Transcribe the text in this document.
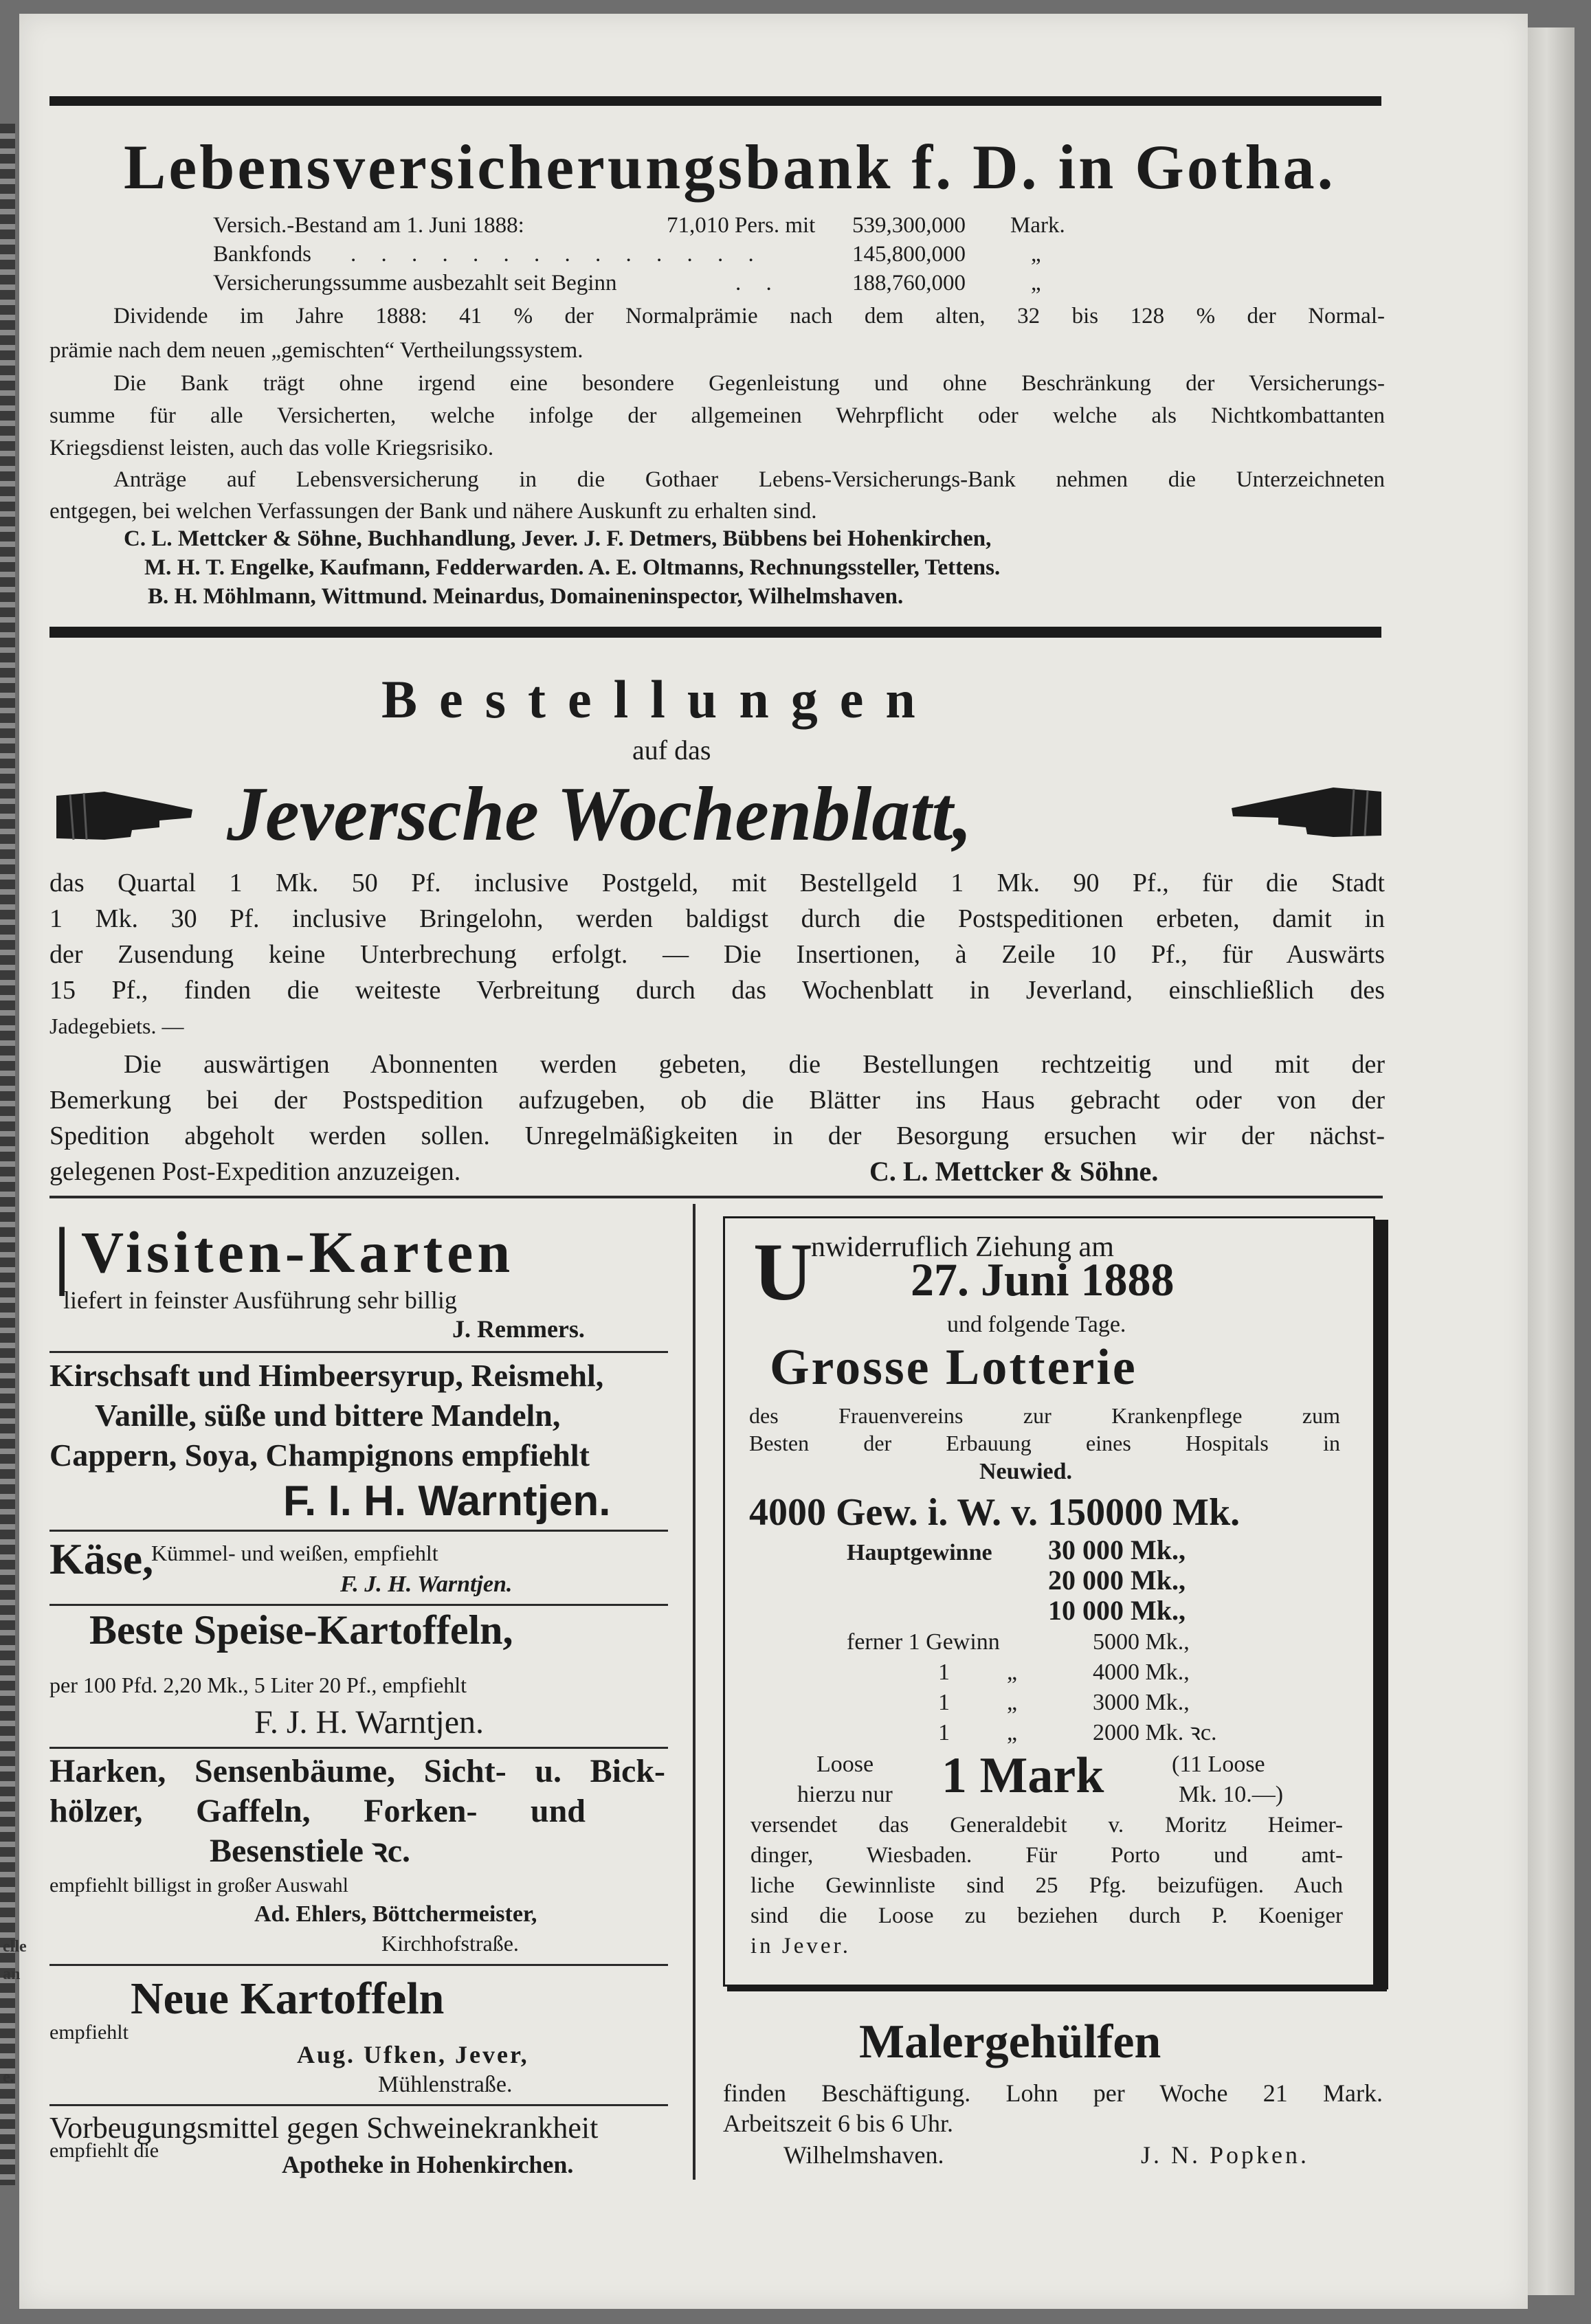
elle
an
e.
Lebensversicherungsbank f. D. in Gotha.
Versich.-Bestand am 1. Juni 1888:	71,010 Pers. mit 539,300,000 Mark.
Bankfonds . . . . . . . . . . . . . .	145,800,000	„
Versicherungssumme ausbezahlt seit Beginn	. .	188,760,000	„
Dividende im Jahre 1888: 41 % der Normalprämie nach dem alten, 32 bis 128 % der Normal-
prämie nach dem neuen „gemischten“ Vertheilungssystem.
Die Bank trägt ohne irgend eine besondere Gegenleistung und ohne Beschränkung der Versicherungs-
summe für alle Versicherten, welche infolge der allgemeinen Wehrpflicht oder welche als Nichtkombattanten
Kriegsdienst leisten, auch das volle Kriegsrisiko.
Anträge auf Lebensversicherung in die Gothaer Lebens-Versicherungs-Bank nehmen die Unterzeichneten
entgegen, bei welchen Verfassungen der Bank und nähere Auskunft zu erhalten sind.
C. L. Mettcker & Söhne, Buchhandlung, Jever. J. F. Detmers, Bübbens bei Hohenkirchen,
M. H. T. Engelke, Kaufmann, Fedderwarden. A. E. Oltmanns, Rechnungssteller, Tettens.
B. H. Möhlmann, Wittmund. Meinardus, Domaineninspector, Wilhelmshaven.
Bestellungen
auf das
Jeversche Wochenblatt,
das Quartal 1 Mk. 50 Pf. inclusive Postgeld, mit Bestellgeld 1 Mk. 90 Pf., für die Stadt
1 Mk. 30 Pf. inclusive Bringelohn, werden baldigst durch die Postspeditionen erbeten, damit in
der Zusendung keine Unterbrechung erfolgt. — Die Insertionen, à Zeile 10 Pf., für Auswärts
15 Pf., finden die weiteste Verbreitung durch das Wochenblatt in Jeverland, einschließlich des
Jadegebiets. —
Die auswärtigen Abonnenten werden gebeten, die Bestellungen rechtzeitig und mit der
Bemerkung bei der Postspedition aufzugeben, ob die Blätter ins Haus gebracht oder von der
Spedition abgeholt werden sollen. Unregelmäßigkeiten in der Besorgung ersuchen wir der nächst-
gelegenen Post-Expedition anzuzeigen.	C. L. Mettcker & Söhne.
| Visiten-Karten
liefert in feinster Ausführung sehr billig
J. Remmers.
Kirschsaft und Himbeersyrup, Reismehl,
Vanille, süße und bittere Mandeln,
Cappern, Soya, Champignons empfiehlt
F. I. H. Warntjen.
Käse,
Kümmel- und weißen, empfiehlt
F. J. H. Warntjen.
Beste Speise-Kartoffeln,
per 100 Pfd. 2,20 Mk., 5 Liter 20 Pf., empfiehlt
F. J. H. Warntjen.
Harken, Sensenbäume, Sicht- u. Bick-
hölzer, Gaffeln, Forken- und
Besenstiele ꝛc.
empfiehlt billigst in großer Auswahl
Ad. Ehlers, Böttchermeister,
Kirchhofstraße.
Neue Kartoffeln
empfiehlt
Aug. Ufken, Jever,
Mühlenstraße.
Vorbeugungsmittel gegen Schweinekrankheit
empfiehlt die
Apotheke in Hohenkirchen.
U
nwiderruflich Ziehung am
27. Juni 1888
und folgende Tage.
Grosse Lotterie
des Frauenvereins zur Krankenpflege zum
Besten der Erbauung eines Hospitals in
Neuwied.
4000 Gew. i. W. v. 150000 Mk.
Hauptgewinne 30 000 Mk.,
20 000 Mk.,
10 000 Mk.,
ferner 1 Gewinn	5000 Mk.,
1 „	4000 Mk.,
1 „	3000 Mk.,
1 „	2000 Mk. ꝛc.
Loose
hierzu nur 1 Mark	(11 Loose
Mk. 10.—)
versendet das Generaldebit v. Moritz Heimer-
dinger, Wiesbaden. Für Porto und amt-
liche Gewinnliste sind 25 Pfg. beizufügen. Auch
sind die Loose zu beziehen durch P. Koeniger
in Jever.
Malergehülfen
finden Beschäftigung. Lohn per Woche 21 Mark.
Arbeitszeit 6 bis 6 Uhr.
Wilhelmshaven.	J. N. Popken.
